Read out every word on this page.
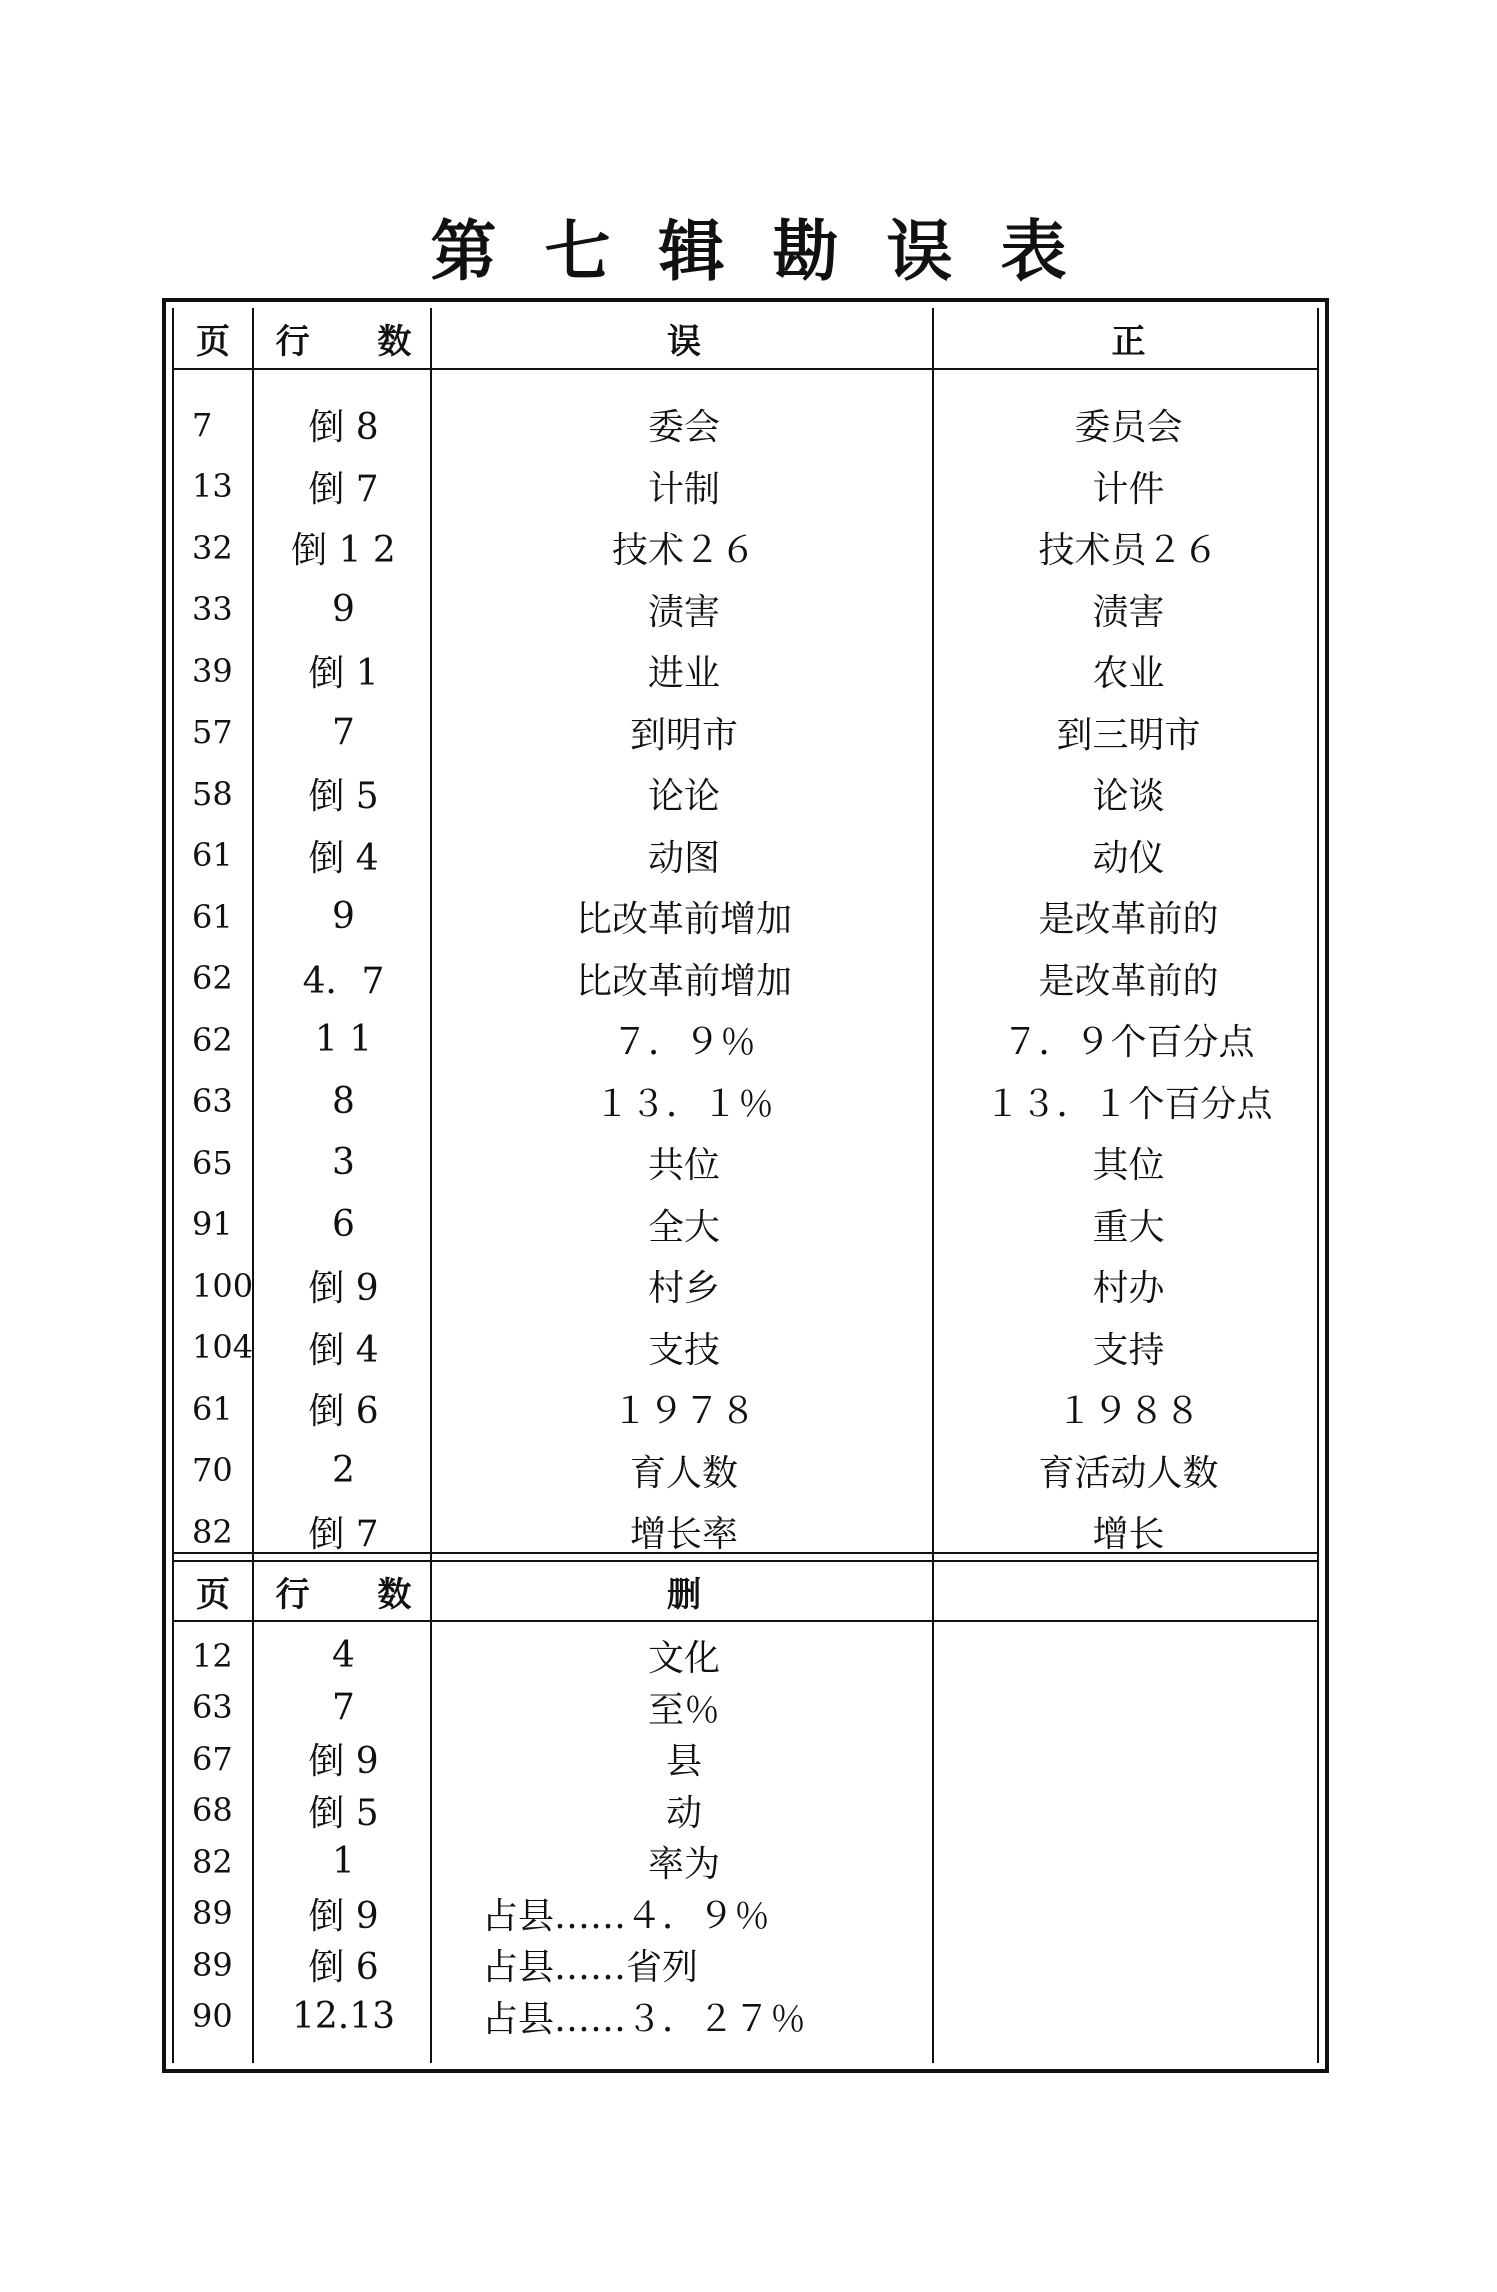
第七辑勘误表
页	行 数	误	正
7	倒 8	委会	委员会
13	倒 7	计制	计件
32	倒 1 2	技术２６	技术员２６
33	9	渍害	渍害
39	倒 1	进业	农业
57	7	到明市	到三明市
58	倒 5	论论	论谈
61	倒 4	动图	动仪
61	9	比改革前增加	是改革前的
62	4．7	比改革前增加	是改革前的
62	1 1	７．９％	７．９个百分点
63	8	１３．１％	１３．１个百分点
65	3	共位	其位
91	6	全大	重大
100	倒 9	村乡	村办
104	倒 4	支技	支持
61	倒 6	１９７８	１９８８
70	2	育人数	育活动人数
82	倒 7	增长率	增长
页	行 数	删
12	4	文化
63	7	至％
67	倒 9	县
68	倒 5	动
82	1	率为
89	倒 9	占县……４．９％
89	倒 6	占县……省列
90	12.13	占县……３．２７％
